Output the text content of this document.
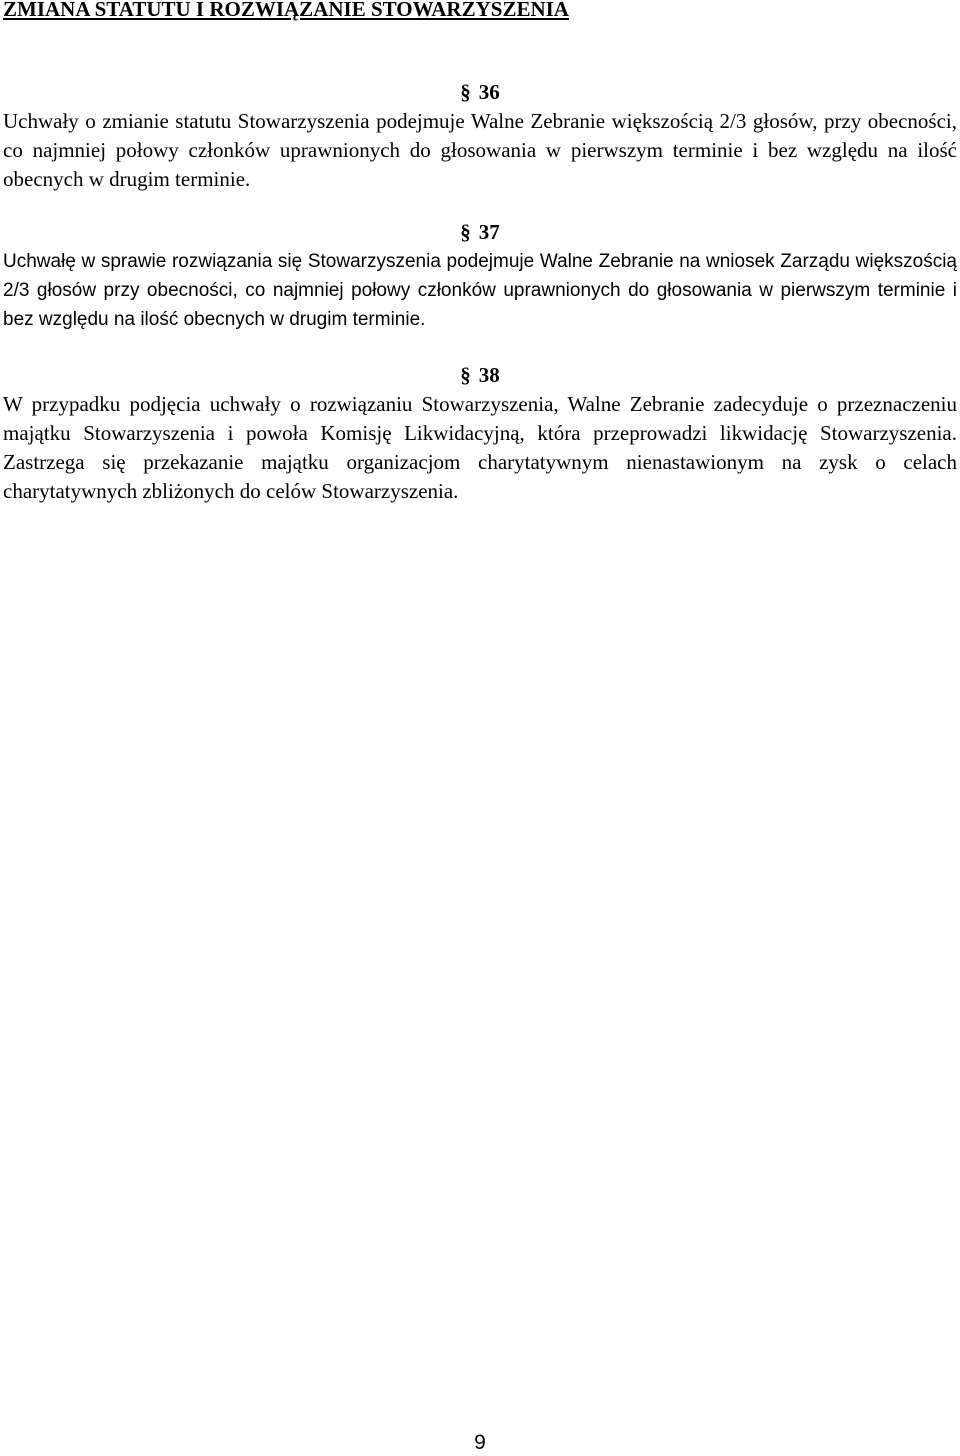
ZMIANA STATUTU I ROZWIĄZANIE STOWARZYSZENIA
§ 36

Uchwały o zmianie statutu Stowarzyszenia podejmuje Walne Zebranie większością 2/3 głosów, przy obecności, co najmniej połowy członków uprawnionych do głosowania w pierwszym terminie i bez względu na ilość obecnych w drugim terminie.

§ 37

Uchwałę w sprawie rozwiązania się Stowarzyszenia podejmuje Walne Zebranie na wniosek Zarządu większością 2/3 głosów przy obecności, co najmniej połowy członków uprawnionych do głosowania w pierwszym terminie i bez względu na ilość obecnych w drugim terminie.

§ 38

W przypadku podjęcia uchwały o rozwiązaniu Stowarzyszenia, Walne Zebranie zadecyduje o przeznaczeniu majątku Stowarzyszenia i powoła Komisję Likwidacyjną, która przeprowadzi likwidację Stowarzyszenia. Zastrzega się przekazanie majątku organizacjom charytatywnym nienastawionym na zysk o celach charytatywnych zbliżonych do celów Stowarzyszenia.

9
